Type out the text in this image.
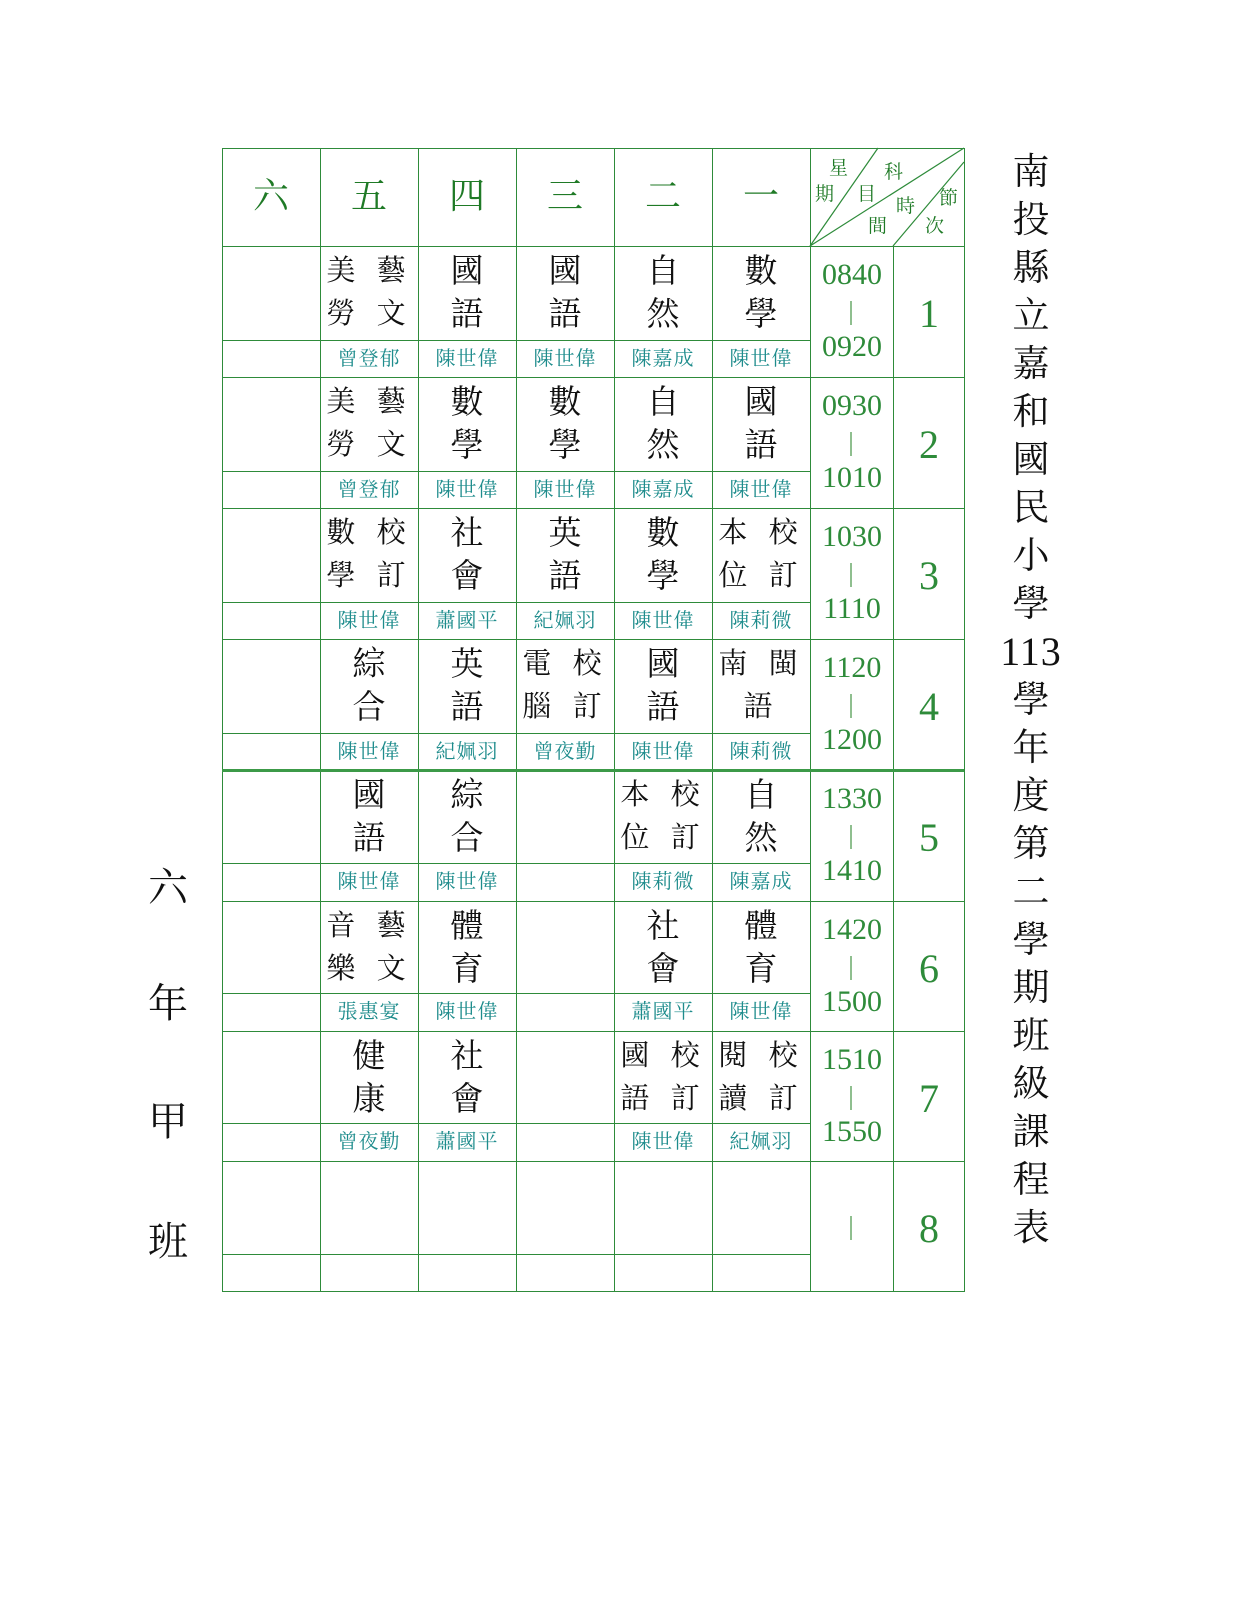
一
二
三
四
五
六
星
期
科
目
時
間
節
次
數
學
陳世偉
自
然
陳嘉成
國
語
陳世偉
國
語
陳世偉
美 藝
勞 文
曾登郁
國
語
陳世偉
自
然
陳嘉成
數
學
陳世偉
數
學
陳世偉
美 藝
勞 文
曾登郁
本 校
位 訂
陳莉微
數
學
陳世偉
英
語
紀姵羽
社
會
蕭國平
數 校
學 訂
陳世偉
南 閩
語
陳莉微
國
語
陳世偉
電 校
腦 訂
曾夜勤
英
語
紀姵羽
綜
合
陳世偉
自
然
陳嘉成
本 校
位 訂
陳莉微
綜
合
陳世偉
國
語
陳世偉
體
育
陳世偉
社
會
蕭國平
體
育
陳世偉
音 藝
樂 文
張惠宴
閱 校
讀 訂
紀姵羽
國 校
語 訂
陳世偉
社
會
蕭國平
健
康
曾夜勤
0840
0920
1
0930
1010
2
1030
1110
3
1120
1200
4
1330
1410
5
1420
1500
6
1510
1550
7
8
南
投
縣
立
嘉
和
國
民
小
學
113
學
年
度
第
二
學
期
班
級
課
程
表
六
年
甲
班
